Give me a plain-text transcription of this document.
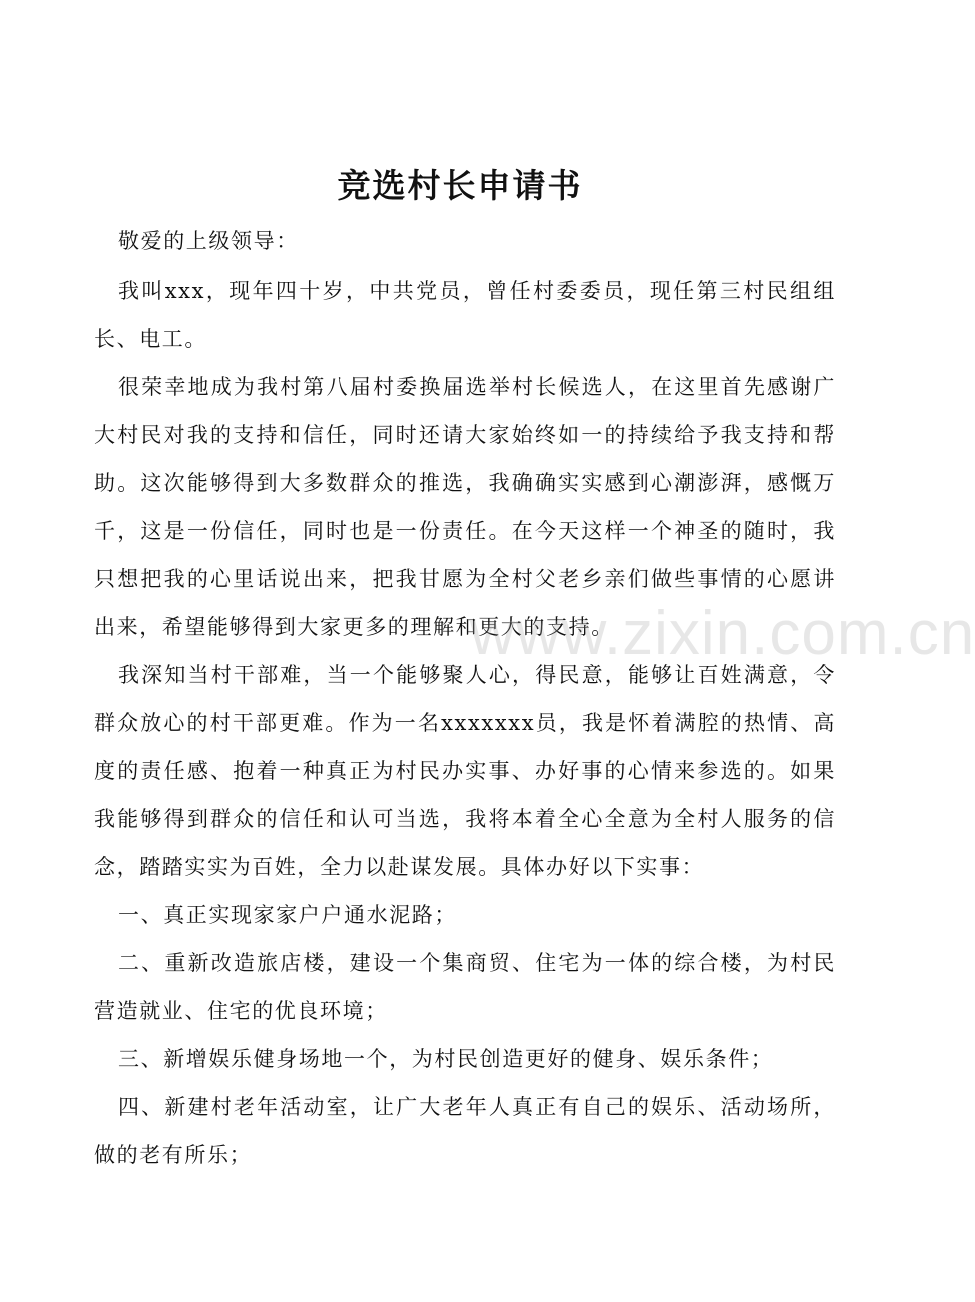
竞选村长申请书

敬爱的上级领导：

我叫xxx，现年四十岁，中共党员，曾任村委委员，现任第三村民组组长、电工。

很荣幸地成为我村第八届村委换届选举村长候选人，在这里首先感谢广大村民对我的支持和信任，同时还请大家始终如一的持续给予我支持和帮助。这次能够得到大多数群众的推选，我确确实实感到心潮澎湃，感慨万千，这是一份信任，同时也是一份责任。在今天这样一个神圣的随时，我只想把我的心里话说出来，把我甘愿为全村父老乡亲们做些事情的心愿讲出来，希望能够得到大家更多的理解和更大的支持。

我深知当村干部难，当一个能够聚人心，得民意，能够让百姓满意，令群众放心的村干部更难。作为一名xxxxxxx员，我是怀着满腔的热情、高度的责任感、抱着一种真正为村民办实事、办好事的心情来参选的。如果我能够得到群众的信任和认可当选，我将本着全心全意为全村人服务的信念，踏踏实实为百姓，全力以赴谋发展。具体办好以下实事：

一、真正实现家家户户通水泥路；

二、重新改造旅店楼，建设一个集商贸、住宅为一体的综合楼，为村民营造就业、住宅的优良环境；

三、新增娱乐健身场地一个，为村民创造更好的健身、娱乐条件；

四、新建村老年活动室，让广大老年人真正有自己的娱乐、活动场所，做的老有所乐；

www.zixin.com.cn
